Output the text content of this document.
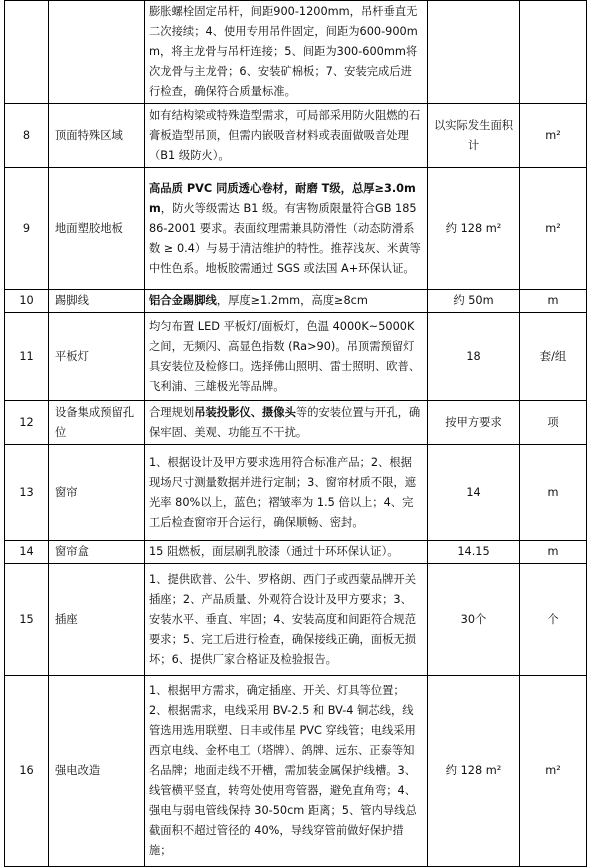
		膨胀螺栓固定吊杆，间距900-1200mm，吊杆垂直无二次接续；4、使用专用吊件固定，间距为600-900mm，将主龙骨与吊杆连接；5、间距为300-600mm将次龙骨与主龙骨；6、安装矿棉板；7、安装完成后进行检查，确保符合质量标准。		
8	顶面特殊区域	如有结构梁或特殊造型需求，可局部采用防火阻燃的石膏板造型吊顶，但需内嵌吸音材料或表面做吸音处理（B1 级防火）。	以实际发生面积计	m²
9	地面塑胶地板	高品质 PVC 同质透心卷材，耐磨 T级，总厚≥3.0mm，防火等级需达 B1 级。有害物质限量符合GB 18586-2001 要求。表面纹理需兼具防滑性（动态防滑系数 ≥ 0.4）与易于清洁维护的特性。推荐浅灰、米黄等中性色系。地板胶需通过 SGS 或法国 A+环保认证。	约 128 m²	m²
10	踢脚线	铝合金踢脚线，厚度≥1.2mm，高度≥8cm	约 50m	m
11	平板灯	均匀布置 LED 平板灯/面板灯，色温 4000K~5000K 之间，无频闪、高显色指数 (Ra>90)。吊顶需预留灯具安装位及检修口。选择佛山照明、雷士照明、欧普、飞利浦、三雄极光等品牌。	18	套/组
12	设备集成预留孔位	合理规划吊装投影仪、摄像头等的安装位置与开孔，确保牢固、美观、功能互不干扰。	按甲方要求	项
13	窗帘	1、根据设计及甲方要求选用符合标准产品；2、根据现场尺寸测量数据并进行定制；3、窗帘材质不限，遮光率 80%以上，蓝色；褶皱率为 1.5 倍以上；4、完工后检查窗帘开合运行，确保顺畅、密封。	14	m
14	窗帘盒	15 阻燃板，面层刷乳胶漆（通过十环环保认证）。	14.15	m
15	插座	1、提供欧普、公牛、罗格朗、西门子或西蒙品牌开关插座；2、产品质量、外观符合设计及甲方要求；3、安装水平、垂直、牢固；4、安装高度和间距符合规范要求；5、完工后进行检查，确保接线正确，面板无损坏；6、提供厂家合格证及检验报告。	30个	个
16	强电改造	1、根据甲方需求，确定插座、开关、灯具等位置；2、根据需求，电线采用 BV-2.5 和 BV-4 铜芯线，线管选用选用联塑、日丰或伟星 PVC 穿线管；电线采用西京电线、金杯电工（塔牌）、鸽牌、远东、正泰等知名品牌；地面走线不开槽，需加装金属保护线槽。3、线管横平竖直，转弯处使用弯管器，避免直角弯；4、强电与弱电管线保持 30-50cm 距离；5、管内导线总截面积不超过管径的 40%，导线穿管前做好保护措施；	约 128 m²	m²
